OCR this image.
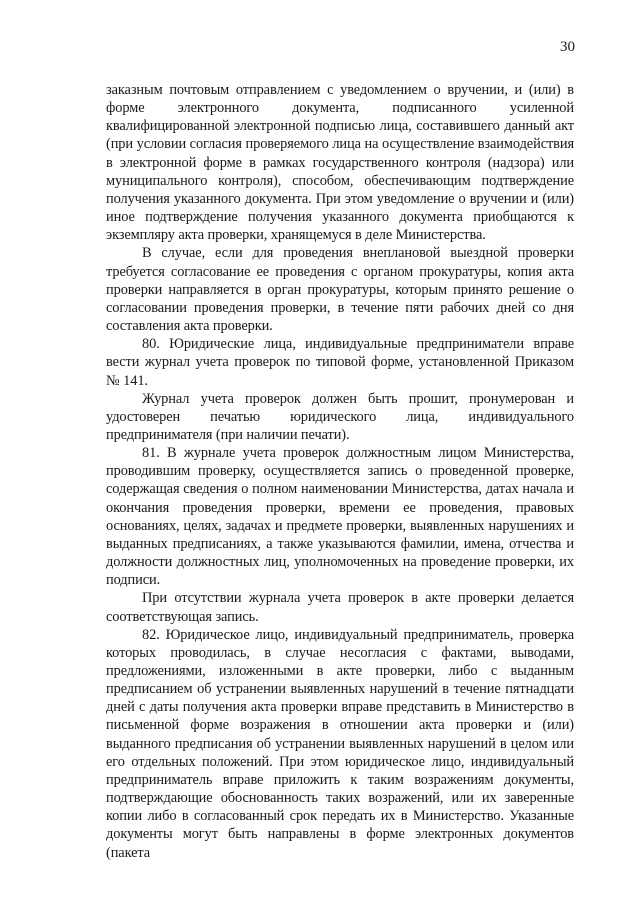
30

заказным почтовым отправлением с уведомлением о вручении, и (или) в форме электронного документа, подписанного усиленной квалифицированной электронной подписью лица, составившего данный акт (при условии согласия проверяемого лица на осуществление взаимодействия в электронной форме в рамках государственного контроля (надзора) или муниципального контроля), способом, обеспечивающим подтверждение получения указанного документа. При этом уведомление о вручении и (или) иное подтверждение получения указанного документа приобщаются к экземпляру акта проверки, хранящемуся в деле Министерства.

В случае, если для проведения внеплановой выездной проверки требуется согласование ее проведения с органом прокуратуры, копия акта проверки направляется в орган прокуратуры, которым принято решение о согласовании проведения проверки, в течение пяти рабочих дней со дня составления акта проверки.

80. Юридические лица, индивидуальные предприниматели вправе вести журнал учета проверок по типовой форме, установленной Приказом № 141.

Журнал учета проверок должен быть прошит, пронумерован и удостоверен печатью юридического лица, индивидуального предпринимателя (при наличии печати).

81. В журнале учета проверок должностным лицом Министерства, проводившим проверку, осуществляется запись о проведенной проверке, содержащая сведения о полном наименовании Министерства, датах начала и окончания проведения проверки, времени ее проведения, правовых основаниях, целях, задачах и предмете проверки, выявленных нарушениях и выданных предписаниях, а также указываются фамилии, имена, отчества и должности должностных лиц, уполномоченных на проведение проверки, их подписи.

При отсутствии журнала учета проверок в акте проверки делается соответствующая запись.

82. Юридическое лицо, индивидуальный предприниматель, проверка которых проводилась, в случае несогласия с фактами, выводами, предложениями, изложенными в акте проверки, либо с выданным предписанием об устранении выявленных нарушений в течение пятнадцати дней с даты получения акта проверки вправе представить в Министерство в письменной форме возражения в отношении акта проверки и (или) выданного предписания об устранении выявленных нарушений в целом или его отдельных положений. При этом юридическое лицо, индивидуальный предприниматель вправе приложить к таким возражениям документы, подтверждающие обоснованность таких возражений, или их заверенные копии либо в согласованный срок передать их в Министерство. Указанные документы могут быть направлены в форме электронных документов (пакета
